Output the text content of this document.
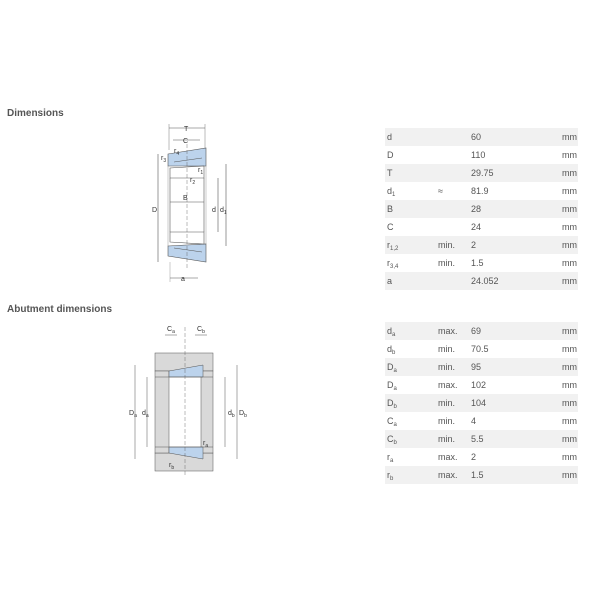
Dimensions
T
C
B
D	d $d_1$
$r_4$
$r_3$
$r_1$
$r_2$
a
d	60	mm
D	110	mm
T	29.75	mm
$d_1$	≈	81.9	mm
B	28	mm
C	24	mm
$r_{1,2}$	min. 2	mm
$r_{3,4}$	min. 1.5	mm
a	24.052	mm
Abutment dimensions
$C_a$	$C_b$
$D_a$ $d_a$	$d_b$ $D_b$
$r_a$
$r_b$
$d_a$	max. 69	mm
$d_b$	min. 70.5	mm
$D_a$	min. 95	mm
$D_a$	max. 102	mm
$D_b$	min. 104	mm
$C_a$	min. 4	mm
$C_b$	min. 5.5	mm
$r_a$	max. 2	mm
$r_b$	max. 1.5	mm
